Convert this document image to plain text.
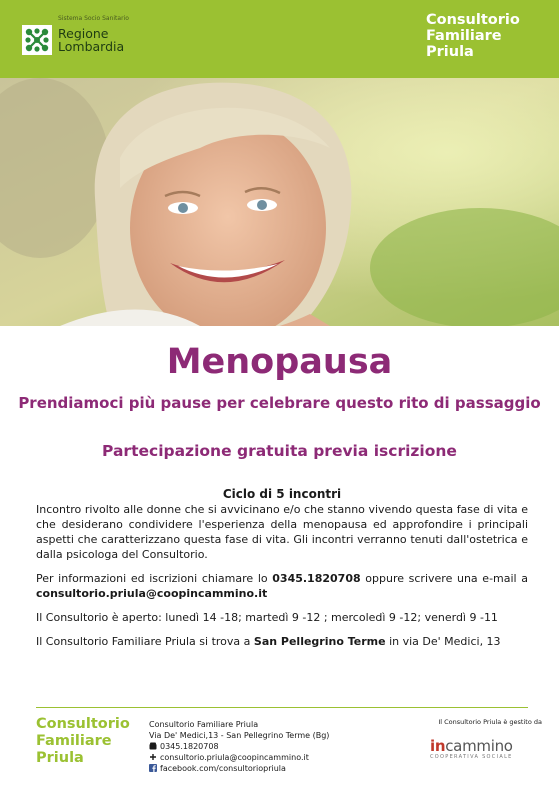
Sistema Socio Sanitario
Regione
Lombardia
Consultorio
Familiare
Priula
Menopausa
Prendiamoci più pause per celebrare questo rito di passaggio
Partecipazione gratuita previa iscrizione

Ciclo di 5 incontri

Incontro rivolto alle donne che si avvicinano e/o che stanno vivendo questa fase di vita e che desiderano condividere l'esperienza della menopausa ed approfondire i principali aspetti che caratterizzano questa fase di vita. Gli incontri verranno tenuti dall'ostetrica e dalla psicologa del Consultorio.

Per informazioni ed iscrizioni chiamare lo 0345.1820708 oppure scrivere una e-mail a consultorio.priula@coopincammino.it

Il Consultorio è aperto: lunedì 14 -18; martedì 9 -12 ; mercoledì 9 -12; venerdì 9 -11

Il Consultorio Familiare Priula si trova a San Pellegrino Terme in via De' Medici, 13

Consultorio
Familiare
Priula
Consultorio Familiare Priula
Via De' Medici,13 - San Pellegrino Terme (Bg)
0345.1820708
consultorio.priula@coopincammino.it
facebook.com/consultoriopriula
Il Consultorio Priula è gestito da
incammino
COOPERATIVA SOCIALE
